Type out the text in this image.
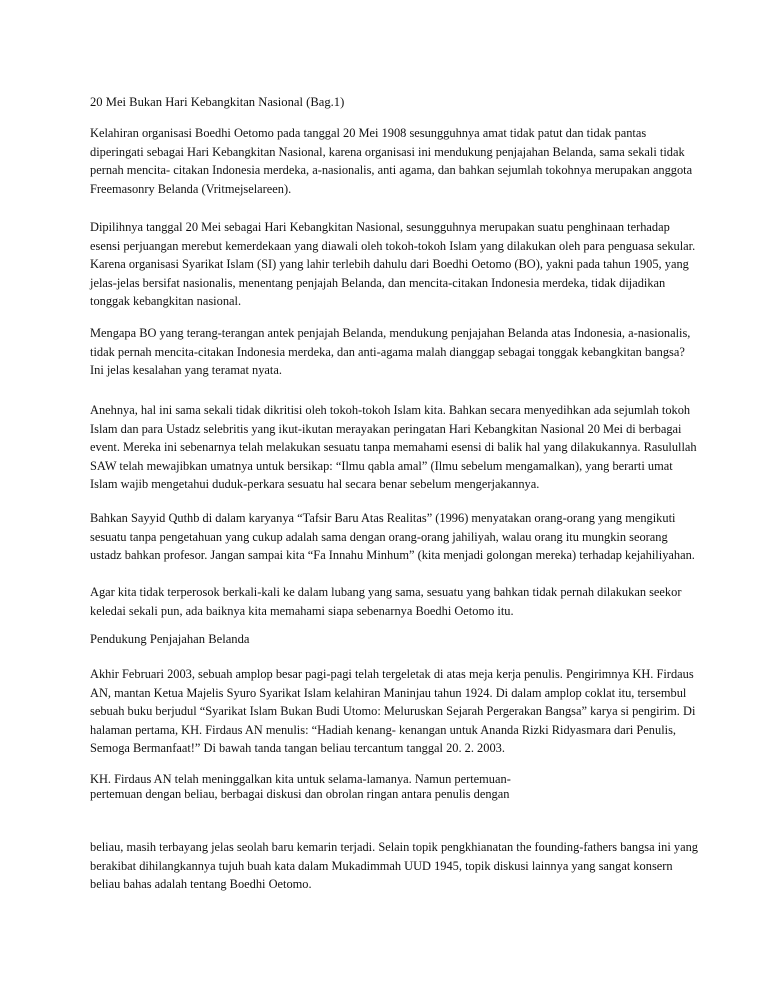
20 Mei Bukan Hari Kebangkitan Nasional (Bag.1)

Kelahiran organisasi Boedhi Oetomo pada tanggal 20 Mei 1908 sesungguhnya amat tidak patut dan tidak pantas
diperingati sebagai Hari Kebangkitan Nasional, karena organisasi ini mendukung penjajahan Belanda, sama sekali tidak
pernah mencita- citakan Indonesia merdeka, a-nasionalis, anti agama, dan bahkan sejumlah tokohnya merupakan anggota
Freemasonry Belanda (Vritmejselareen).

Dipilihnya tanggal 20 Mei sebagai Hari Kebangkitan Nasional, sesungguhnya merupakan suatu penghinaan terhadap
esensi perjuangan merebut kemerdekaan yang diawali oleh tokoh-tokoh Islam yang dilakukan oleh para penguasa sekular.
Karena organisasi Syarikat Islam (SI) yang lahir terlebih dahulu dari Boedhi Oetomo (BO), yakni pada tahun 1905, yang
jelas-jelas bersifat nasionalis, menentang penjajah Belanda, dan mencita-citakan Indonesia merdeka, tidak dijadikan
tonggak kebangkitan nasional.

Mengapa BO yang terang-terangan antek penjajah Belanda, mendukung penjajahan Belanda atas Indonesia, a-nasionalis,
tidak pernah mencita-citakan Indonesia merdeka, dan anti-agama malah dianggap sebagai tonggak kebangkitan bangsa?
Ini jelas kesalahan yang teramat nyata.

Anehnya, hal ini sama sekali tidak dikritisi oleh tokoh-tokoh Islam kita. Bahkan secara menyedihkan ada sejumlah tokoh
Islam dan para Ustadz selebritis yang ikut-ikutan merayakan peringatan Hari Kebangkitan Nasional 20 Mei di berbagai
event. Mereka ini sebenarnya telah melakukan sesuatu tanpa memahami esensi di balik hal yang dilakukannya. Rasulullah
SAW telah mewajibkan umatnya untuk bersikap: “Ilmu qabla amal” (Ilmu sebelum mengamalkan), yang berarti umat
Islam wajib mengetahui duduk-perkara sesuatu hal secara benar sebelum mengerjakannya.

Bahkan Sayyid Quthb di dalam karyanya “Tafsir Baru Atas Realitas” (1996) menyatakan orang-orang yang mengikuti
sesuatu tanpa pengetahuan yang cukup adalah sama dengan orang-orang jahiliyah, walau orang itu mungkin seorang
ustadz bahkan profesor. Jangan sampai kita “Fa Innahu Minhum” (kita menjadi golongan mereka) terhadap kejahiliyahan.

Agar kita tidak terperosok berkali-kali ke dalam lubang yang sama, sesuatu yang bahkan tidak pernah dilakukan seekor
keledai sekali pun, ada baiknya kita memahami siapa sebenarnya Boedhi Oetomo itu.

Pendukung Penjajahan Belanda

Akhir Februari 2003, sebuah amplop besar pagi-pagi telah tergeletak di atas meja kerja penulis. Pengirimnya KH. Firdaus
AN, mantan Ketua Majelis Syuro Syarikat Islam kelahiran Maninjau tahun 1924. Di dalam amplop coklat itu, tersembul
sebuah buku berjudul “Syarikat Islam Bukan Budi Utomo: Meluruskan Sejarah Pergerakan Bangsa” karya si pengirim. Di
halaman pertama, KH. Firdaus AN menulis: “Hadiah kenang- kenangan untuk Ananda Rizki Ridyasmara dari Penulis,
Semoga Bermanfaat!” Di bawah tanda tangan beliau tercantum tanggal 20. 2. 2003.

KH. Firdaus AN telah meninggalkan kita untuk selama-lamanya. Namun pertemuan-
pertemuan dengan beliau, berbagai diskusi dan obrolan ringan antara penulis dengan

beliau, masih terbayang jelas seolah baru kemarin terjadi. Selain topik pengkhianatan the founding-fathers bangsa ini yang
berakibat dihilangkannya tujuh buah kata dalam Mukadimmah UUD 1945, topik diskusi lainnya yang sangat konsern
beliau bahas adalah tentang Boedhi Oetomo.
